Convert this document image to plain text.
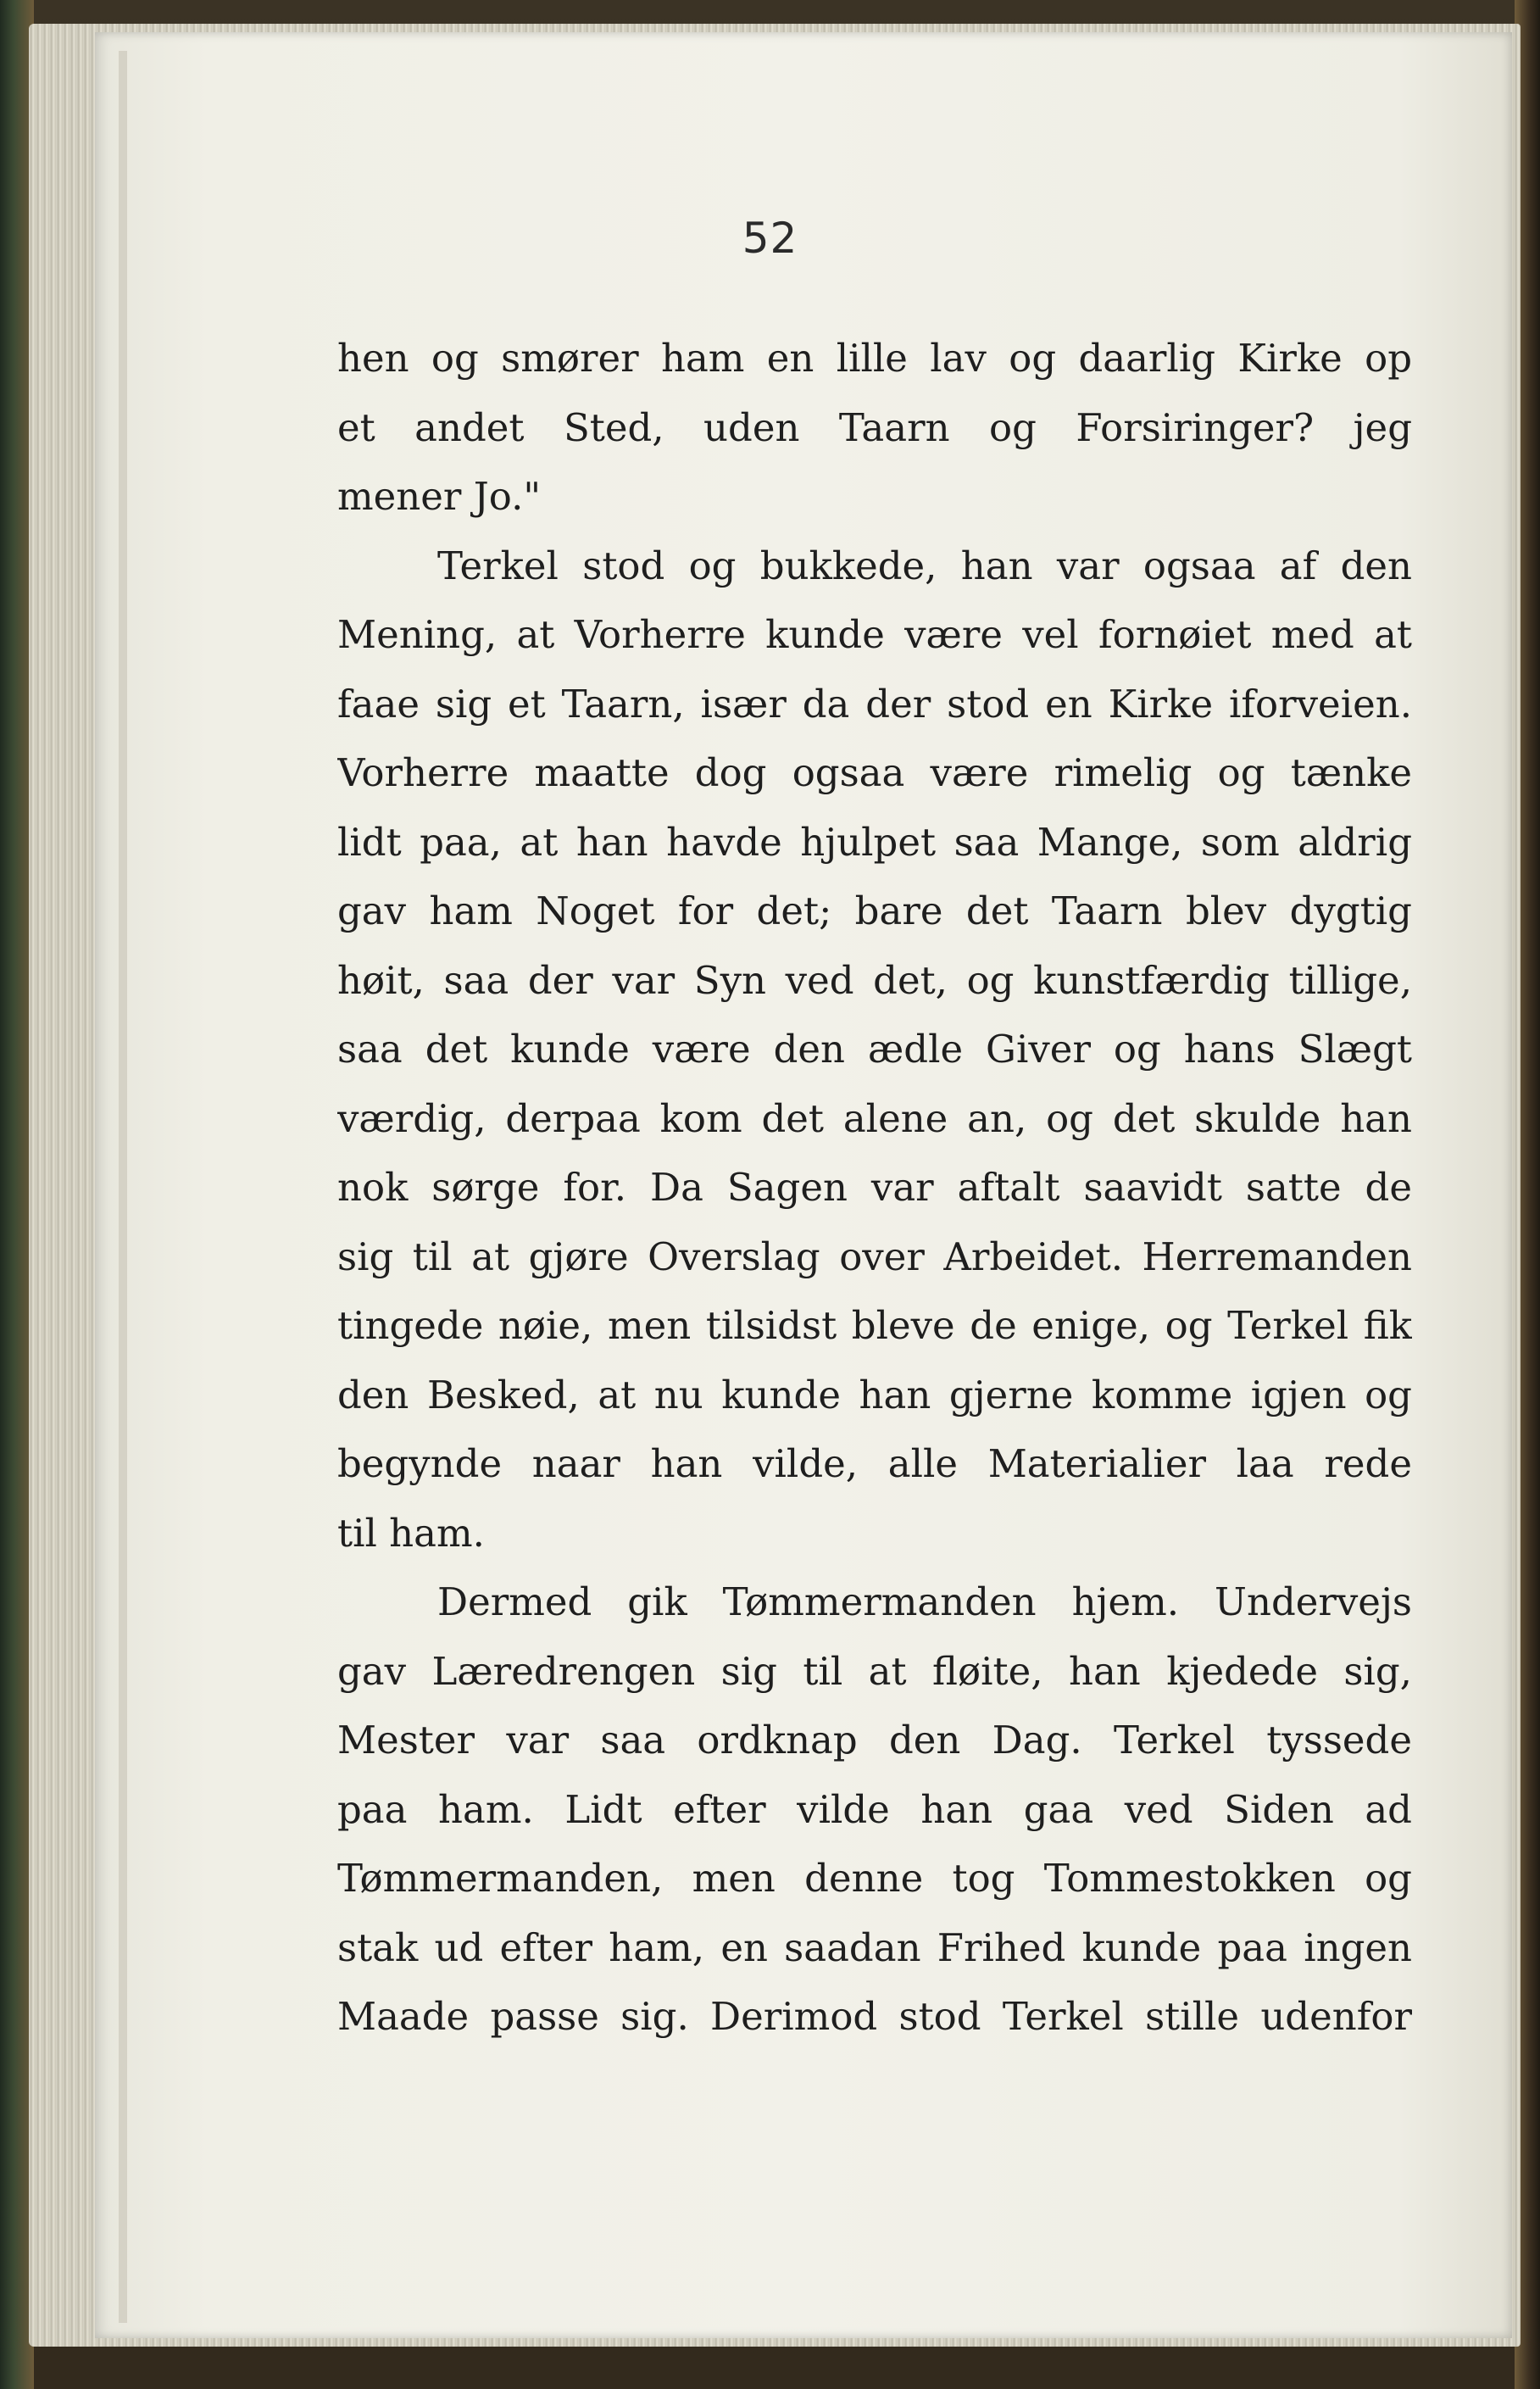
52
hen og smører ham en lille lav og daarlig Kirke op
et andet Sted, uden Taarn og Forsiringer? jeg
mener Jo."
Terkel stod og bukkede, han var ogsaa af den
Mening, at Vorherre kunde være vel fornøiet med at
faae sig et Taarn, især da der stod en Kirke iforveien.
Vorherre maatte dog ogsaa være rimelig og tænke
lidt paa, at han havde hjulpet saa Mange, som aldrig
gav ham Noget for det; bare det Taarn blev dygtig
høit, saa der var Syn ved det, og kunstfærdig tillige,
saa det kunde være den ædle Giver og hans Slægt
værdig, derpaa kom det alene an, og det skulde han
nok sørge for. Da Sagen var aftalt saavidt satte de
sig til at gjøre Overslag over Arbeidet. Herremanden
tingede nøie, men tilsidst bleve de enige, og Terkel fik
den Besked, at nu kunde han gjerne komme igjen og
begynde naar han vilde, alle Materialier laa rede
til ham.
Dermed gik Tømmermanden hjem. Undervejs
gav Læredrengen sig til at fløite, han kjedede sig,
Mester var saa ordknap den Dag. Terkel tyssede
paa ham. Lidt efter vilde han gaa ved Siden ad
Tømmermanden, men denne tog Tommestokken og
stak ud efter ham, en saadan Frihed kunde paa ingen
Maade passe sig. Derimod stod Terkel stille udenfor
